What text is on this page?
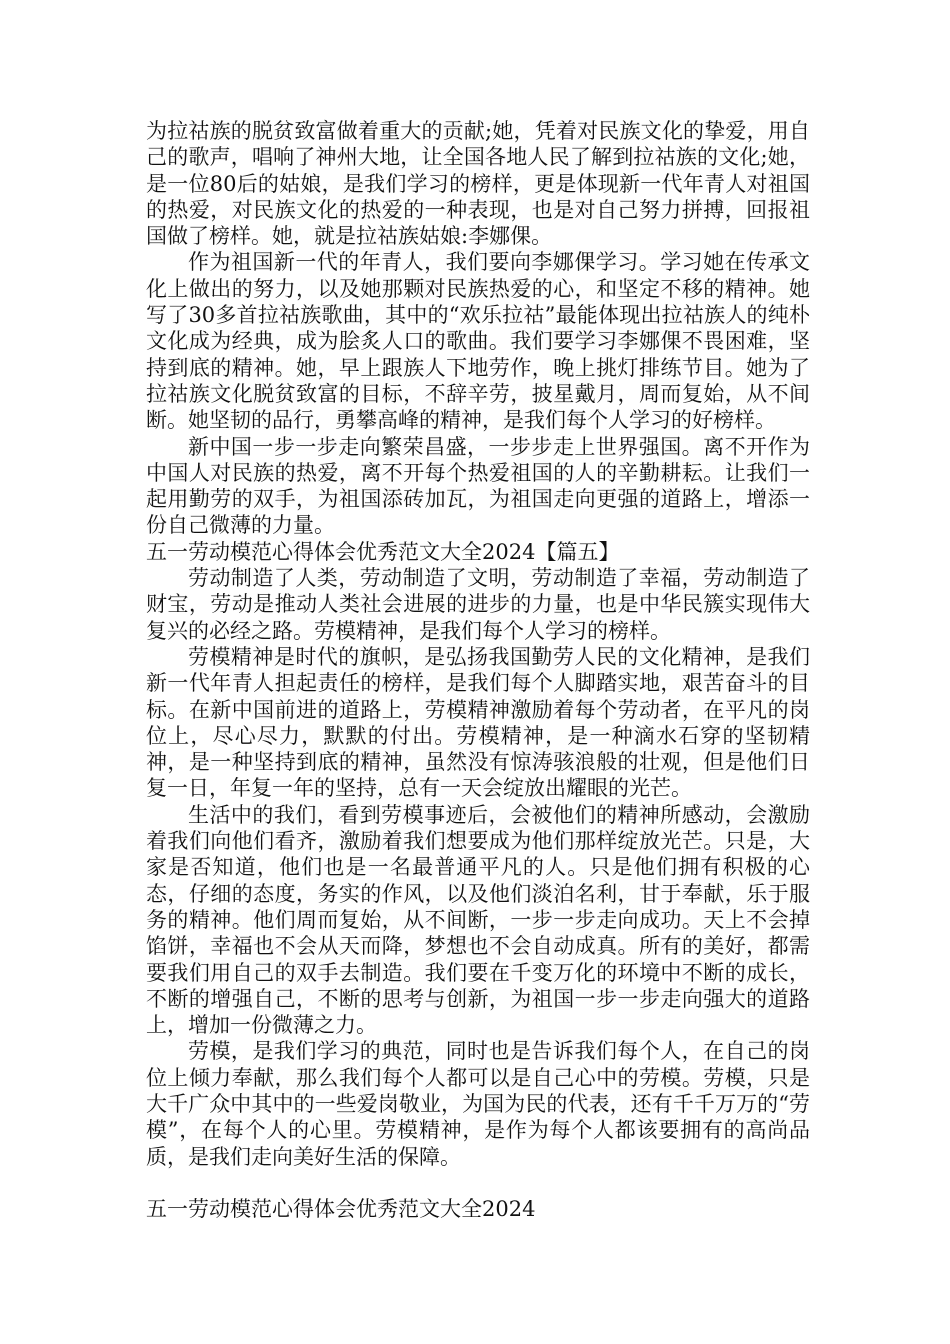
为拉祜族的脱贫致富做着重大的贡献;她，凭着对民族文化的挚爱，用自己的歌声，唱响了神州大地，让全国各地人民了解到拉祜族的文化;她，是一位80后的姑娘，是我们学习的榜样，更是体现新一代年青人对祖国的热爱，对民族文化的热爱的一种表现，也是对自己努力拼搏，回报祖国做了榜样。她，就是拉祜族姑娘:李娜倮。

作为祖国新一代的年青人，我们要向李娜倮学习。学习她在传承文化上做出的努力，以及她那颗对民族热爱的心，和坚定不移的精神。她写了30多首拉祜族歌曲，其中的“欢乐拉祜”最能体现出拉祜族人的纯朴文化成为经典，成为脍炙人口的歌曲。我们要学习李娜倮不畏困难，坚持到底的精神。她，早上跟族人下地劳作，晚上挑灯排练节目。她为了拉祜族文化脱贫致富的目标，不辞辛劳，披星戴月，周而复始，从不间断。她坚韧的品行，勇攀高峰的精神，是我们每个人学习的好榜样。

新中国一步一步走向繁荣昌盛，一步步走上世界强国。离不开作为中国人对民族的热爱，离不开每个热爱祖国的人的辛勤耕耘。让我们一起用勤劳的双手，为祖国添砖加瓦，为祖国走向更强的道路上，增添一份自己微薄的力量。

五一劳动模范心得体会优秀范文大全2024【篇五】

劳动制造了人类，劳动制造了文明，劳动制造了幸福，劳动制造了财宝，劳动是推动人类社会进展的进步的力量，也是中华民簇实现伟大复兴的必经之路。劳模精神，是我们每个人学习的榜样。

劳模精神是时代的旗帜，是弘扬我国勤劳人民的文化精神，是我们新一代年青人担起责任的榜样，是我们每个人脚踏实地，艰苦奋斗的目标。在新中国前进的道路上，劳模精神激励着每个劳动者，在平凡的岗位上，尽心尽力，默默的付出。劳模精神，是一种滴水石穿的坚韧精神，是一种坚持到底的精神，虽然没有惊涛骇浪般的壮观，但是他们日复一日，年复一年的坚持，总有一天会绽放出耀眼的光芒。

生活中的我们，看到劳模事迹后，会被他们的精神所感动，会激励着我们向他们看齐，激励着我们想要成为他们那样绽放光芒。只是，大家是否知道，他们也是一名最普通平凡的人。只是他们拥有积极的心态，仔细的态度，务实的作风，以及他们淡泊名利，甘于奉献，乐于服务的精神。他们周而复始，从不间断，一步一步走向成功。天上不会掉馅饼，幸福也不会从天而降，梦想也不会自动成真。所有的美好，都需要我们用自己的双手去制造。我们要在千变万化的环境中不断的成长，不断的增强自己，不断的思考与创新，为祖国一步一步走向强大的道路上，增加一份微薄之力。

劳模，是我们学习的典范，同时也是告诉我们每个人，在自己的岗位上倾力奉献，那么我们每个人都可以是自己心中的劳模。劳模，只是大千广众中其中的一些爱岗敬业，为国为民的代表，还有千千万万的“劳模”，在每个人的心里。劳模精神，是作为每个人都该要拥有的高尚品质，是我们走向美好生活的保障。

五一劳动模范心得体会优秀范文大全2024
